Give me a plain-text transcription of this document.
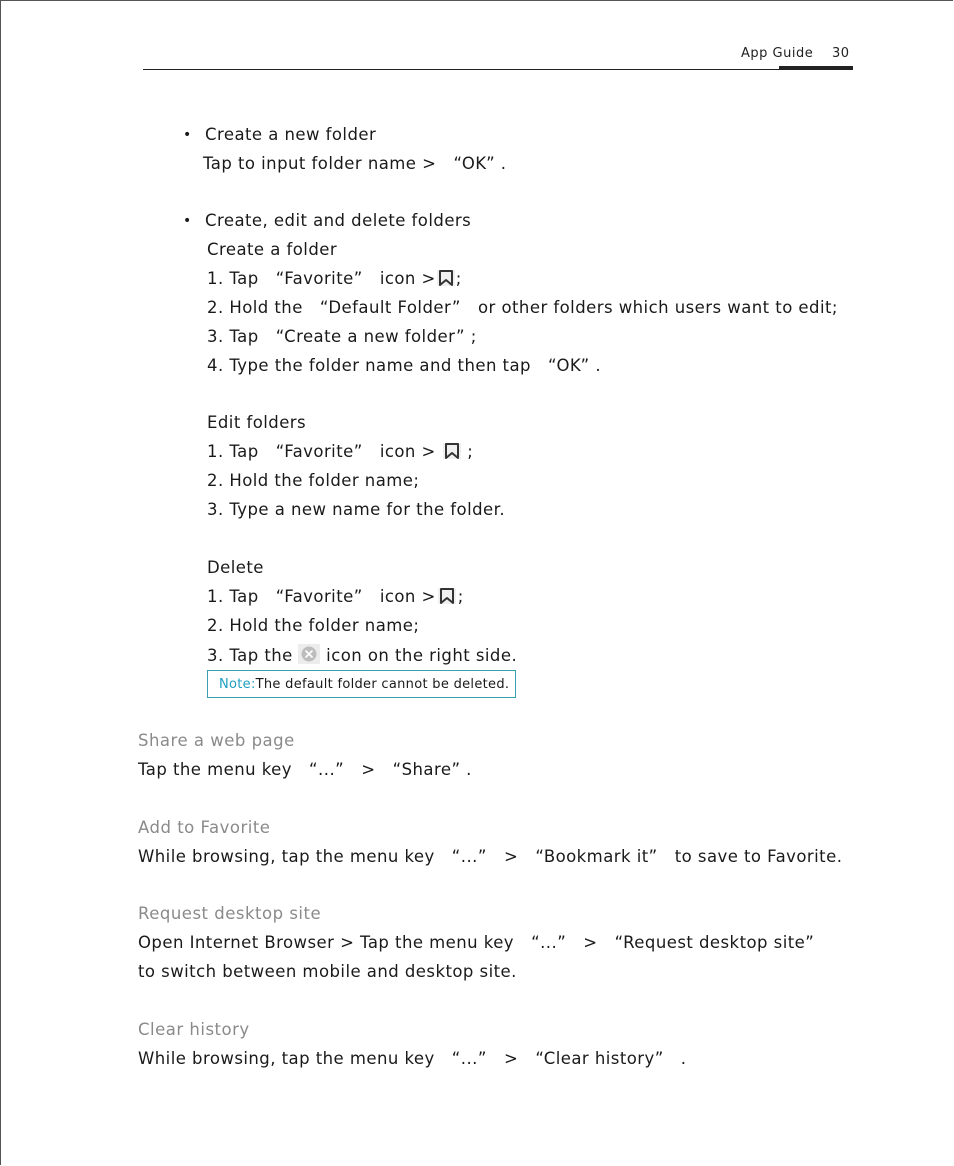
App Guide 30
• Create a new folder
Tap to input folder name >   “OK” .
• Create, edit and delete folders
Create a folder
1. Tap   “Favorite”   icon > ;
2. Hold the   “Default Folder”   or other folders which users want to edit;
3. Tap   “Create a new folder” ;
4. Type the folder name and then tap   “OK” .
Edit folders
1. Tap   “Favorite”   icon > ;
2. Hold the folder name;
3. Type a new name for the folder.
Delete
1. Tap   “Favorite”   icon > ;
2. Hold the folder name;
3. Tap the icon on the right side.
Note: The default folder cannot be deleted.
Share a web page
Tap the menu key   “...”   >   “Share” .
Add to Favorite
While browsing, tap the menu key   “...”   >   “Bookmark it”   to save to Favorite.
Request desktop site
Open Internet Browser > Tap the menu key   “...”   >   “Request desktop site”
to switch between mobile and desktop site.
Clear history
While browsing, tap the menu key   “...”   >   “Clear history”   .
